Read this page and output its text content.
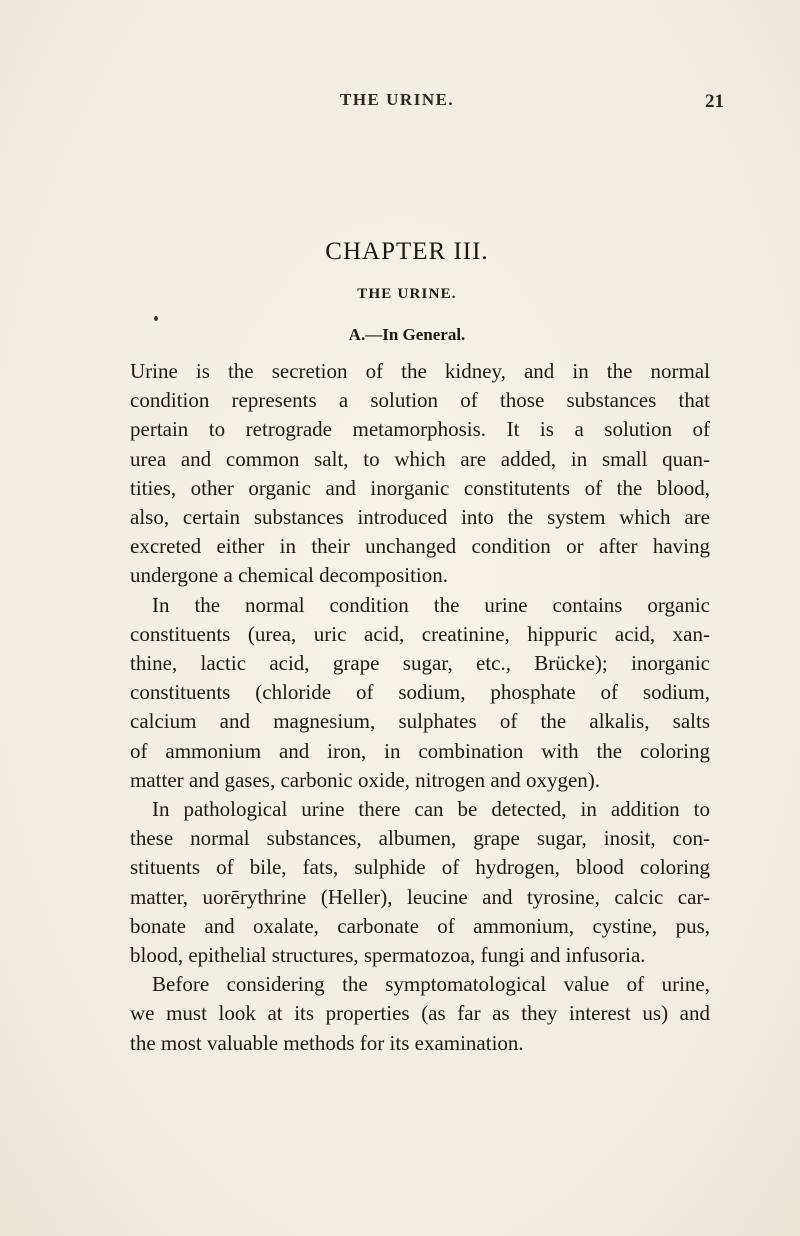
THE URINE.	21
CHAPTER III.
THE URINE.
A.—In General.

Urine is the secretion of the kidney, and in the normal
condition represents a solution of those substances that
pertain to retrograde metamorphosis. It is a solution of
urea and common salt, to which are added, in small quan-
tities, other organic and inorganic constitutents of the blood,
also, certain substances introduced into the system which are
excreted either in their unchanged condition or after having
undergone a chemical decomposition.

In the normal condition the urine contains organic
constituents (urea, uric acid, creatinine, hippuric acid, xan-
thine, lactic acid, grape sugar, etc., Brücke); inorganic
constituents (chloride of sodium, phosphate of sodium,
calcium and magnesium, sulphates of the alkalis, salts
of ammonium and iron, in combination with the coloring
matter and gases, carbonic oxide, nitrogen and oxygen).

In pathological urine there can be detected, in addition to
these normal substances, albumen, grape sugar, inosit, con-
stituents of bile, fats, sulphide of hydrogen, blood coloring
matter, uorērythrine (Heller), leucine and tyrosine, calcic car-
bonate and oxalate, carbonate of ammonium, cystine, pus,
blood, epithelial structures, spermatozoa, fungi and infusoria.

Before considering the symptomatological value of urine,
we must look at its properties (as far as they interest us) and
the most valuable methods for its examination.
